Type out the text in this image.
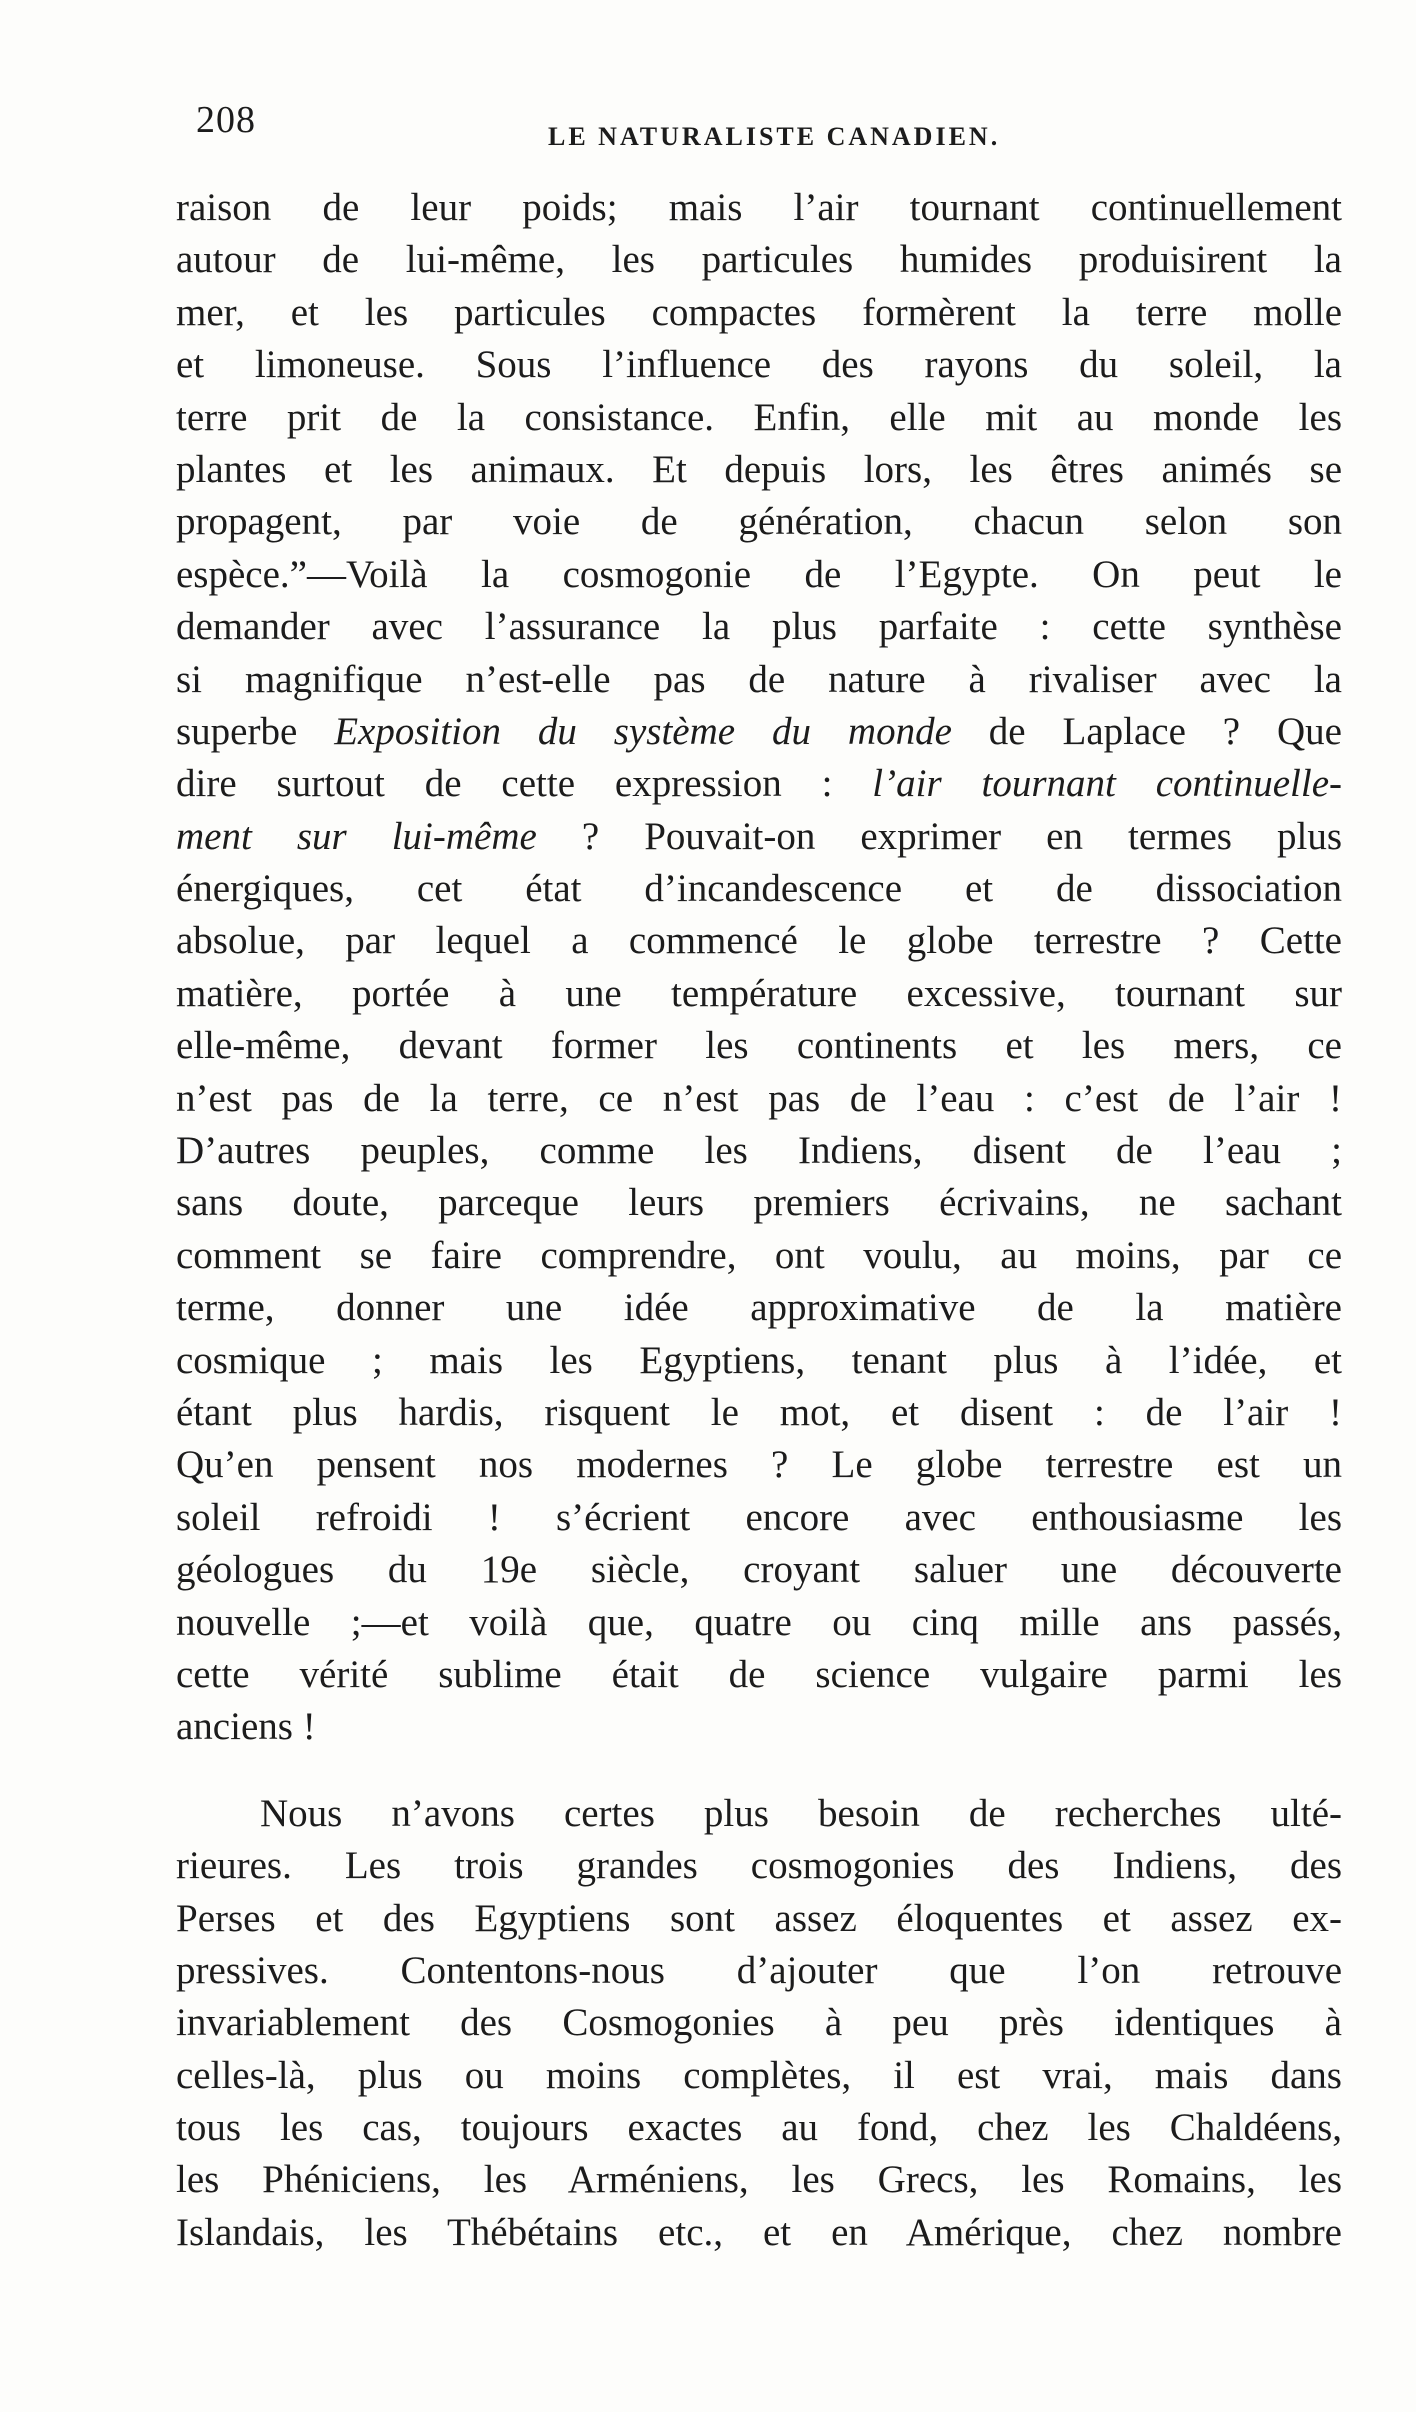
208	LE NATURALISTE CANADIEN.
raison de leur poids; mais l’air tournant continuellement
autour de lui-même, les particules humides produisirent la
mer, et les particules compactes formèrent la terre molle
et limoneuse. Sous l’influence des rayons du soleil, la
terre prit de la consistance. Enfin, elle mit au monde les
plantes et les animaux. Et depuis lors, les êtres animés se
propagent, par voie de génération, chacun selon son
espèce.”—Voilà la cosmogonie de l’Egypte. On peut le
demander avec l’assurance la plus parfaite : cette synthèse
si magnifique n’est-elle pas de nature à rivaliser avec la
superbe Exposition du système du monde de Laplace ? Que
dire surtout de cette expression : l’air tournant continuelle-
ment sur lui-même ? Pouvait-on exprimer en termes plus
énergiques, cet état d’incandescence et de dissociation
absolue, par lequel a commencé le globe terrestre ? Cette
matière, portée à une température excessive, tournant sur
elle-même, devant former les continents et les mers, ce
n’est pas de la terre, ce n’est pas de l’eau : c’est de l’air !
D’autres peuples, comme les Indiens, disent de l’eau ;
sans doute, parceque leurs premiers écrivains, ne sachant
comment se faire comprendre, ont voulu, au moins, par ce
terme, donner une idée approximative de la matière
cosmique ; mais les Egyptiens, tenant plus à l’idée, et
étant plus hardis, risquent le mot, et disent : de l’air !
Qu’en pensent nos modernes ? Le globe terrestre est un
soleil refroidi ! s’écrient encore avec enthousiasme les
géologues du 19e siècle, croyant saluer une découverte
nouvelle ;—et voilà que, quatre ou cinq mille ans passés,
cette vérité sublime était de science vulgaire parmi les
anciens !
Nous n’avons certes plus besoin de recherches ulté-
rieures. Les trois grandes cosmogonies des Indiens, des
Perses et des Egyptiens sont assez éloquentes et assez ex-
pressives. Contentons-nous d’ajouter que l’on retrouve
invariablement des Cosmogonies à peu près identiques à
celles-là, plus ou moins complètes, il est vrai, mais dans
tous les cas, toujours exactes au fond, chez les Chaldéens,
les Phéniciens, les Arméniens, les Grecs, les Romains, les
Islandais, les Thébétains etc., et en Amérique, chez nombre
